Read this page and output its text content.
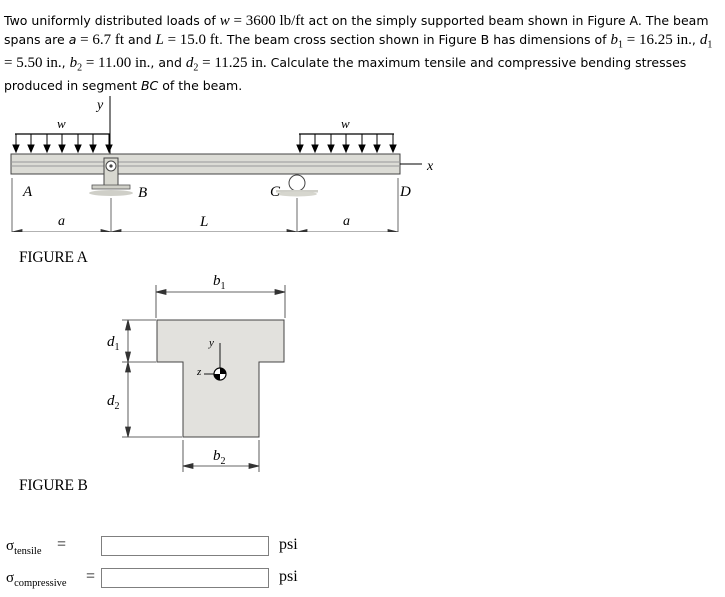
Two uniformly distributed loads of w = 3600 lb/ft act on the simply supported beam shown in Figure A. The beam spans are a = 6.7 ft and L = 15.0 ft. The beam cross section shown in Figure B has dimensions of $b_1 = 16.25$ in., $d_1 = 5.50$ in., $b_2 = 11.00$ in., and $d_2 = 11.25$ in. Calculate the maximum tensile and compressive bending stresses produced in segment BC of the beam.
y
w	w
x
A	B	C	D
a	L	a
FIGURE A
$b_1$
y
z
$d_1$
$d_2$
$b_2$
FIGURE B
$\sigma_{tensile}$ =	psi
$\sigma_{compressive}$ =	psi
